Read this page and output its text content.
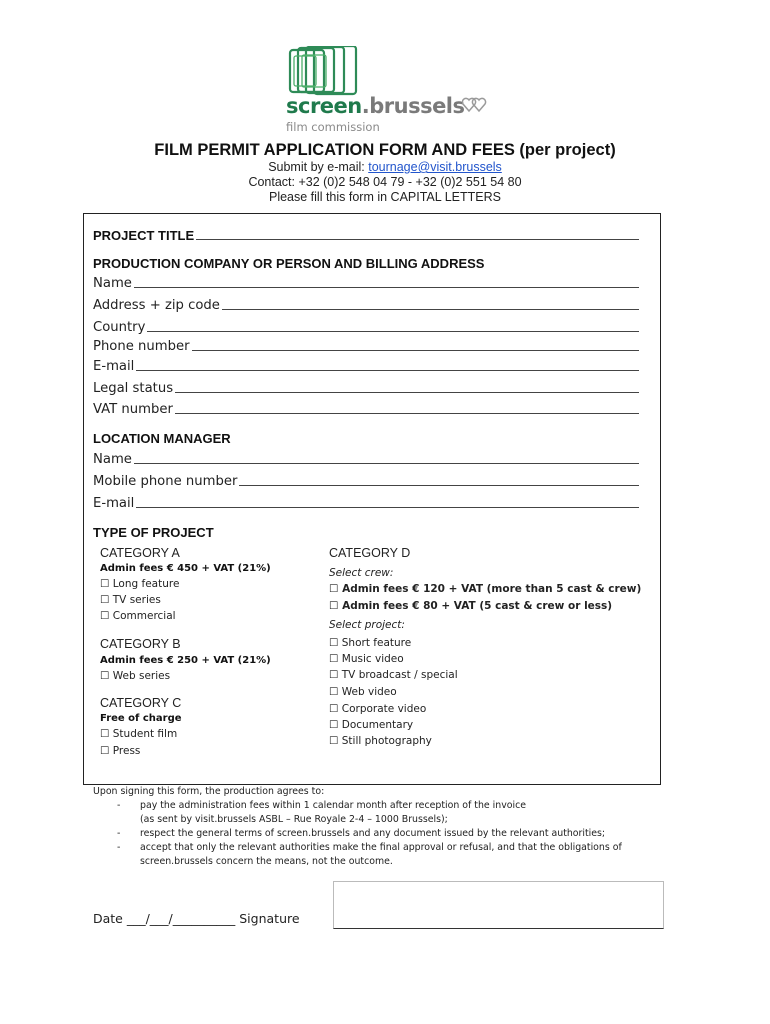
screen.brussels
film commission
FILM PERMIT APPLICATION FORM AND FEES (per project)
Submit by e-mail: tournage@visit.brussels
Contact: +32 (0)2 548 04 79 - +32 (0)2 551 54 80
Please fill this form in CAPITAL LETTERS
PROJECT TITLE
PRODUCTION COMPANY OR PERSON AND BILLING ADDRESS
Name
Address + zip code
Country
Phone number
E-mail
Legal status
VAT number
LOCATION MANAGER
Name
Mobile phone number
E-mail
TYPE OF PROJECT
CATEGORY A
Admin fees € 450 + VAT (21%)
☐ Long feature
☐ TV series
☐ Commercial
CATEGORY B
Admin fees € 250 + VAT (21%)
☐ Web series
CATEGORY C
Free of charge
☐ Student film
☐ Press
CATEGORY D
Select crew:
☐ Admin fees € 120 + VAT (more than 5 cast & crew)
☐ Admin fees € 80 + VAT (5 cast & crew or less)
Select project:
☐ Short feature
☐ Music video
☐ TV broadcast / special
☐ Web video
☐ Corporate video
☐ Documentary
☐ Still photography
Upon signing this form, the production agrees to:
- pay the administration fees within 1 calendar month after reception of the invoice
(as sent by visit.brussels ASBL – Rue Royale 2-4 – 1000 Brussels);
- respect the general terms of screen.brussels and any document issued by the relevant authorities;
- accept that only the relevant authorities make the final approval or refusal, and that the obligations of
screen.brussels concern the means, not the outcome.
Date ___/___/__________ Signature
